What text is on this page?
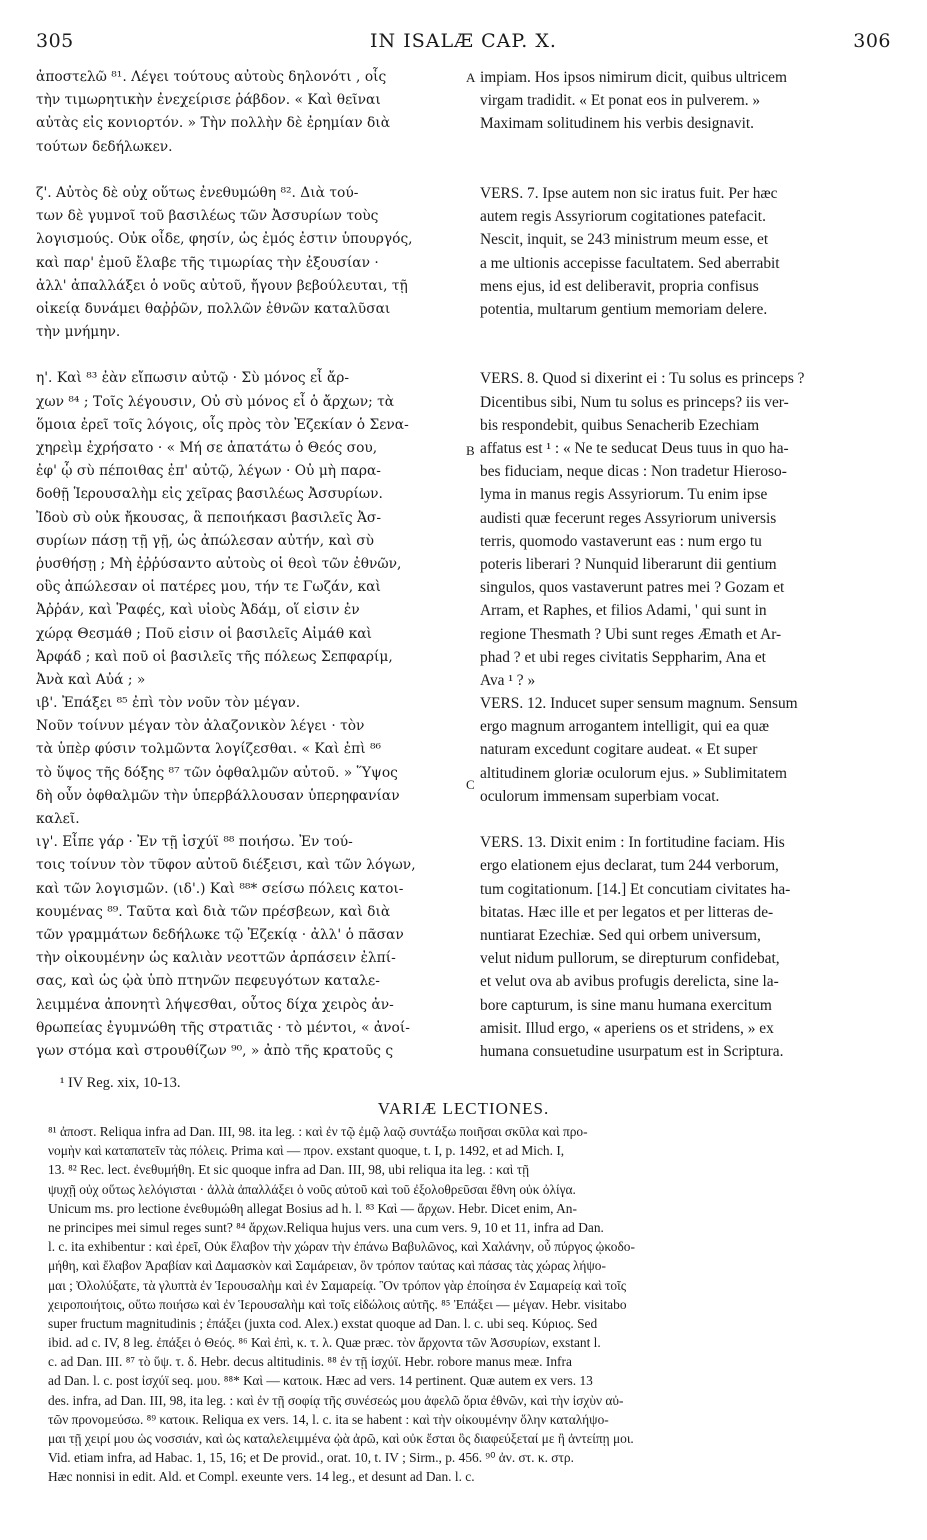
305	IN ISALÆ CAP. X.	306
ἀποστελῶ ⁸¹. Λέγει τούτους αὐτοὺς δηλονότι , οἷς
τὴν τιμωρητικὴν ἐνεχείρισε ῥάβδον. « Καὶ θεῖναι
αὐτὰς εἰς κονιορτόν. » Τὴν πολλὴν δὲ ἐρημίαν διὰ
τούτων δεδήλωκεν.
ζ'. Αὐτὸς δὲ οὐχ οὕτως ἐνεθυμώθη ⁸². Διὰ τού-
των δὲ γυμνοῖ τοῦ βασιλέως τῶν Ἀσσυρίων τοὺς
λογισμούς. Οὐκ οἶδε, φησίν, ὡς ἐμός ἐστιν ὑπουργός,
καὶ παρ' ἐμοῦ ἔλαβε τῆς τιμωρίας τὴν ἐξουσίαν ·
ἀλλ' ἀπαλλάξει ὁ νοῦς αὐτοῦ, ἤγουν βεβούλευται, τῇ
οἰκείᾳ δυνάμει θαῤῥῶν, πολλῶν ἐθνῶν καταλῦσαι
τὴν μνήμην.
η'. Καὶ ⁸³ ἐὰν εἴπωσιν αὐτῷ · Σὺ μόνος εἶ ἄρ-
χων ⁸⁴ ; Τοῖς λέγουσιν, Οὐ σὺ μόνος εἶ ὁ ἄρχων; τὰ
ὅμοια ἐρεῖ τοῖς λόγοις, οἷς πρὸς τὸν Ἐζεκίαν ὁ Σενα-
χηρεὶμ ἐχρήσατο · « Μή σε ἀπατάτω ὁ Θεός σου,
ἐφ' ᾧ σὺ πέποιθας ἐπ' αὐτῷ, λέγων · Οὐ μὴ παρα-
δοθῇ Ἱερουσαλὴμ εἰς χεῖρας βασιλέως Ἀσσυρίων.
Ἰδοὺ σὺ οὐκ ἤκουσας, ἃ πεποιήκασι βασιλεῖς Ἀσ-
συρίων πάσῃ τῇ γῇ, ὡς ἀπώλεσαν αὐτήν, καὶ σὺ
ῥυσθήσῃ ; Μὴ ἐῤῥύσαντο αὐτοὺς οἱ θεοὶ τῶν ἐθνῶν,
οὓς ἀπώλεσαν οἱ πατέρες μου, τήν τε Γωζάν, καὶ
Ἀῤῥάν, καὶ Ῥαφές, καὶ υἱοὺς Ἀδάμ, οἵ εἰσιν ἐν
χώρᾳ Θεσμάθ ; Ποῦ εἰσιν οἱ βασιλεῖς Αἰμάθ καὶ
Ἀρφάδ ; καὶ ποῦ οἱ βασιλεῖς τῆς πόλεως Σεπφαρίμ,
Ἀνὰ καὶ Αὐά ; »
ιβ'. Ἐπάξει ⁸⁵ ἐπὶ τὸν νοῦν τὸν μέγαν.
Νοῦν τοίνυν μέγαν τὸν ἀλαζονικὸν λέγει · τὸν
τὰ ὑπὲρ φύσιν τολμῶντα λογίζεσθαι. « Καὶ ἐπὶ ⁸⁶
τὸ ὕψος τῆς δόξης ⁸⁷ τῶν ὀφθαλμῶν αὐτοῦ. » Ὕψος
δὴ οὖν ὀφθαλμῶν τὴν ὑπερβάλλουσαν ὑπερηφανίαν
καλεῖ.
ιγ'. Εἶπε γάρ · Ἐν τῇ ἰσχύϊ ⁸⁸ ποιήσω. Ἐν τού-
τοις τοίνυν τὸν τῦφον αὐτοῦ διέξεισι, καὶ τῶν λόγων,
καὶ τῶν λογισμῶν. (ιδ'.) Καὶ ⁸⁸* σείσω πόλεις κατοι-
κουμένας ⁸⁹. Ταῦτα καὶ διὰ τῶν πρέσβεων, καὶ διὰ
τῶν γραμμάτων δεδήλωκε τῷ Ἐζεκίᾳ · ἀλλ' ὁ πᾶσαν
τὴν οἰκουμένην ὡς καλιὰν νεοττῶν ἁρπάσειν ἐλπί-
σας, καὶ ὡς ᾠὰ ὑπὸ πτηνῶν πεφευγότων καταλε-
λειμμένα ἀπονητὶ λήψεσθαι, οὗτος δίχα χειρὸς ἀν-
θρωπείας ἐγυμνώθη τῆς στρατιᾶς · τὸ μέντοι, « ἀνοί-
γων στόμα καὶ στρουθίζων ⁹⁰, » ἀπὸ τῆς κρατοῦς ς
impiam. Hos ipsos nimirum dicit, quibus ultricem
virgam tradidit. « Et ponat eos in pulverem. »
Maximam solitudinem his verbis designavit.
VERS. 7. Ipse autem non sic iratus fuit. Per hæc
autem regis Assyriorum cogitationes patefacit.
Nescit, inquit, se 243 ministrum meum esse, et
a me ultionis accepisse facultatem. Sed aberrabit
mens ejus, id est deliberavit, propria confisus
potentia, multarum gentium memoriam delere.
VERS. 8. Quod si dixerint ei : Tu solus es princeps ?
Dicentibus sibi, Num tu solus es princeps? iis ver-
bis respondebit, quibus Senacherib Ezechiam
affatus est ¹ : « Ne te seducat Deus tuus in quo ha-
bes fiduciam, neque dicas : Non tradetur Hieroso-
lyma in manus regis Assyriorum. Tu enim ipse
audisti quæ fecerunt reges Assyriorum universis
terris, quomodo vastaverunt eas : num ergo tu
poteris liberari ? Nunquid liberarunt dii gentium
singulos, quos vastaverunt patres mei ? Gozam et
Arram, et Raphes, et filios Adami, ' qui sunt in
regione Thesmath ? Ubi sunt reges Æmath et Ar-
phad ? et ubi reges civitatis Seppharim, Ana et
Ava ¹ ? »
VERS. 12. Inducet super sensum magnum. Sensum
ergo magnum arrogantem intelligit, qui ea quæ
naturam excedunt cogitare audeat. « Et super
altitudinem gloriæ oculorum ejus. » Sublimitatem
oculorum immensam superbiam vocat.
VERS. 13. Dixit enim : In fortitudine faciam. His
ergo elationem ejus declarat, tum 244 verborum,
tum cogitationum. [14.] Et concutiam civitates ha-
bitatas. Hæc ille et per legatos et per litteras de-
nuntiarat Ezechiæ. Sed qui orbem universum,
velut nidum pullorum, se direpturum confidebat,
et velut ova ab avibus profugis derelicta, sine la-
bore capturum, is sine manu humana exercitum
amisit. Illud ergo, « aperiens os et stridens, » ex
humana consuetudine usurpatum est in Scriptura.
A
B
C
¹ IV Reg. xix, 10-13.
VARIÆ LECTIONES.
⁸¹ ἀποστ. Reliqua infra ad Dan. III, 98. ita leg. : καὶ ἐν τῷ ἐμῷ λαῷ συντάξω ποιῆσαι σκῦλα καὶ προ-
νομὴν καὶ καταπατεῖν τὰς πόλεις. Prima καὶ — προν. exstant quoque, t. I, p. 1492, et ad Mich. I,
13. ⁸² Rec. lect. ἐνεθυμήθη. Et sic quoque infra ad Dan. III, 98, ubi reliqua ita leg. : καὶ τῇ
ψυχῇ οὐχ οὕτως λελόγισται · ἀλλὰ ἀπαλλάξει ὁ νοῦς αὐτοῦ καὶ τοῦ ἐξολοθρεῦσαι ἔθνη οὐκ ὀλίγα.
Unicum ms. pro lectione ἐνεθυμώθη allegat Bosius ad h. l. ⁸³ Καὶ — ἄρχων. Hebr. Dicet enim, An-
ne principes mei simul reges sunt? ⁸⁴ ἄρχων.Reliqua hujus vers. una cum vers. 9, 10 et 11, infra ad Dan.
l. c. ita exhibentur : καὶ ἐρεῖ, Οὐκ ἔλαβον τὴν χώραν τὴν ἐπάνω Βαβυλῶνος, καὶ Χαλάνην, οὗ πύργος ᾠκοδο-
μήθη, καὶ ἔλαβον Ἀραβίαν καὶ Δαμασκὸν καὶ Σαμάρειαν, ὃν τρόπον ταύτας καὶ πάσας τὰς χώρας λήψο-
μαι ; Ὀλολύξατε, τὰ γλυπτὰ ἐν Ἱερουσαλὴμ καὶ ἐν Σαμαρείᾳ. Ὃν τρόπον γὰρ ἐποίησα ἐν Σαμαρείᾳ καὶ τοῖς
χειροποιήτοις, οὕτω ποιήσω καὶ ἐν Ἱερουσαλὴμ καὶ τοῖς εἰδώλοις αὐτῆς. ⁸⁵ Ἐπάξει — μέγαν. Hebr. visitabo
super fructum magnitudinis ; ἐπάξει (juxta cod. Alex.) exstat quoque ad Dan. l. c. ubi seq. Κύριος. Sed
ibid. ad c. IV, 8 leg. ἐπάξει ὁ Θεός. ⁸⁶ Καὶ ἐπὶ, κ. τ. λ. Quæ præc. τὸν ἄρχοντα τῶν Ἀσσυρίων, exstant l.
c. ad Dan. III. ⁸⁷ τὸ ὕψ. τ. δ. Hebr. decus altitudinis. ⁸⁸ ἐν τῇ ἰσχύϊ. Hebr. robore manus meæ. Infra
ad Dan. l. c. post ἰσχύϊ seq. μου. ⁸⁸* Καὶ — κατοικ. Hæc ad vers. 14 pertinent. Quæ autem ex vers. 13
des. infra, ad Dan. III, 98, ita leg. : καὶ ἐν τῇ σοφίᾳ τῆς συνέσεώς μου ἀφελῶ ὅρια ἐθνῶν, καὶ τὴν ἰσχὺν αὐ-
τῶν προνομεύσω. ⁸⁹ κατοικ. Reliqua ex vers. 14, l. c. ita se habent : καὶ τὴν οἰκουμένην ὅλην καταλήψο-
μαι τῇ χειρί μου ὡς νοσσιάν, καὶ ὡς καταλελειμμένα ᾠὰ ἀρῶ, καὶ οὐκ ἔσται ὃς διαφεύξεταί με ἢ ἀντείπῃ μοι.
Vid. etiam infra, ad Habac. 1, 15, 16; et De provid., orat. 10, t. IV ; Sirm., p. 456. ⁹⁰ ἀν. στ. κ. στρ.
Hæc nonnisi in edit. Ald. et Compl. exeunte vers. 14 leg., et desunt ad Dan. l. c.
